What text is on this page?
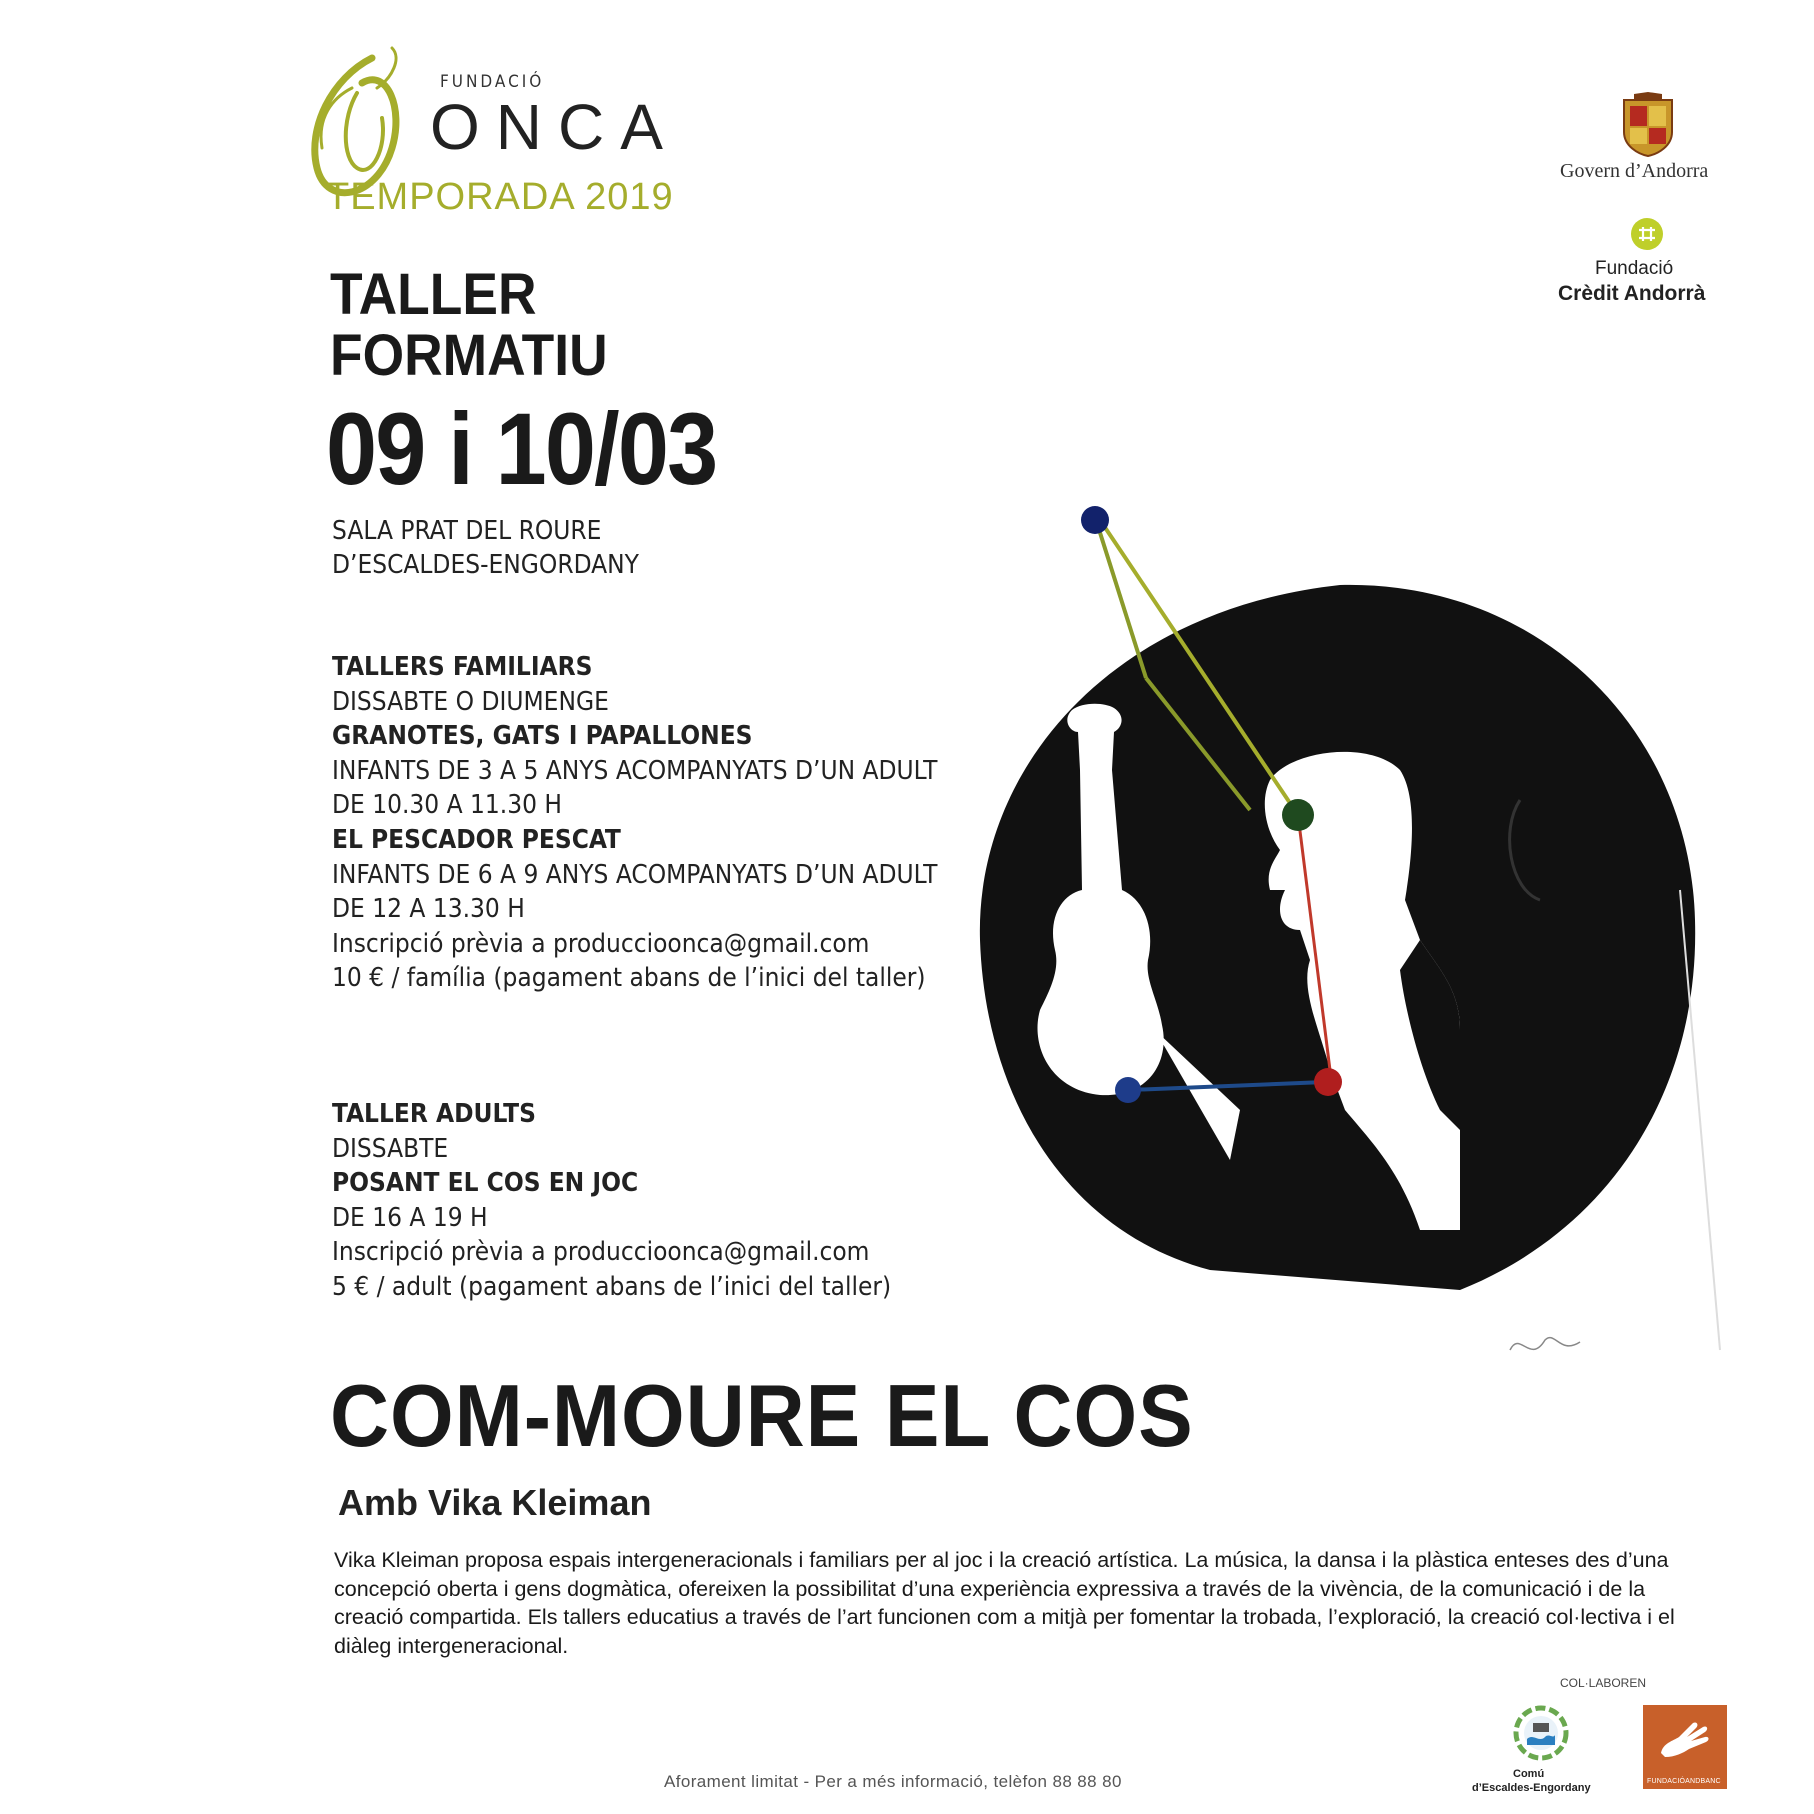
FUNDACIÓ
ONCA
TEMPORADA 2019
TALLER
FORMATIU
09 i 10/03
SALA PRAT DEL ROURE
D’ESCALDES-ENGORDANY
TALLERS FAMILIARS
DISSABTE O DIUMENGE
GRANOTES, GATS I PAPALLONES
INFANTS DE 3 A 5 ANYS ACOMPANYATS D’UN ADULT
DE 10.30 A 11.30 H
EL PESCADOR PESCAT
INFANTS DE 6 A 9 ANYS ACOMPANYATS D’UN ADULT
DE 12 A 13.30 H
Inscripció prèvia a produccioonca@gmail.com
10 € / família (pagament abans de l’inici del taller)
TALLER ADULTS
DISSABTE
POSANT EL COS EN JOC
DE 16 A 19 H
Inscripció prèvia a produccioonca@gmail.com
5 € / adult (pagament abans de l’inici del taller)
COM-MOURE EL COS
Amb Vika Kleiman
Vika Kleiman proposa espais intergeneracionals i familiars per al joc i la creació artística. La música, la dansa i la plàstica enteses des d’una concepció oberta i gens dogmàtica, ofereixen la possibilitat d’una experiència expressiva a través de la vivència, de la comunicació i de la creació compartida. Els tallers educatius a través de l’art funcionen com a mitjà per fomentar la trobada, l’exploració, la creació col·lectiva i el diàleg intergeneracional.
Aforament limitat - Per a més informació, telèfon 88 88 80
Govern d’Andorra
Fundació
Crèdit Andorrà
COL·LABOREN
Comú
d’Escaldes-Engordany
FUNDACIÓANDBANC
